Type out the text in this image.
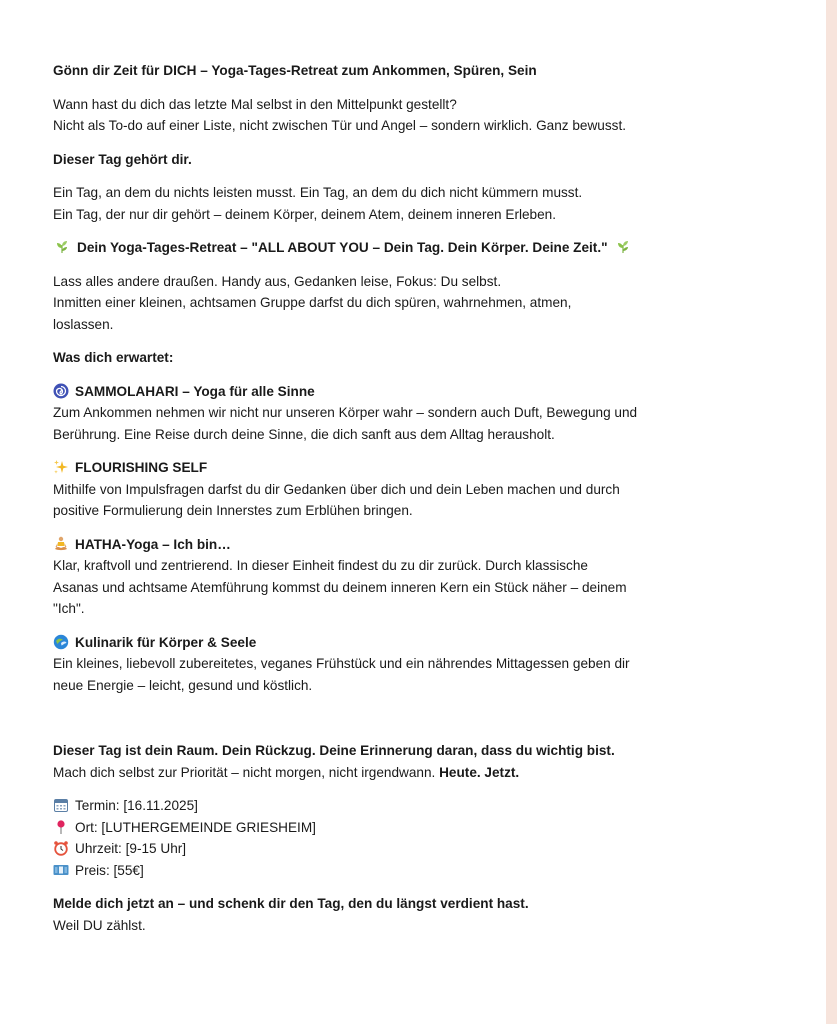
Gönn dir Zeit für DICH – Yoga-Tages-Retreat zum Ankommen, Spüren, Sein

Wann hast du dich das letzte Mal selbst in den Mittelpunkt gestellt?
Nicht als To-do auf einer Liste, nicht zwischen Tür und Angel – sondern wirklich. Ganz bewusst.

Dieser Tag gehört dir.

Ein Tag, an dem du nichts leisten musst. Ein Tag, an dem du dich nicht kümmern musst.
Ein Tag, der nur dir gehört – deinem Körper, deinem Atem, deinem inneren Erleben.

Dein Yoga-Tages-Retreat – "ALL ABOUT YOU – Dein Tag. Dein Körper. Deine Zeit."

Lass alles andere draußen. Handy aus, Gedanken leise, Fokus: Du selbst.
Inmitten einer kleinen, achtsamen Gruppe darfst du dich spüren, wahrnehmen, atmen,
loslassen.

Was dich erwartet:

SAMMOLAHARI – Yoga für alle Sinne
Zum Ankommen nehmen wir nicht nur unseren Körper wahr – sondern auch Duft, Bewegung und
Berührung. Eine Reise durch deine Sinne, die dich sanft aus dem Alltag herausholt.
FLOURISHING SELF
Mithilfe von Impulsfragen darfst du dir Gedanken über dich und dein Leben machen und durch
positive Formulierung dein Innerstes zum Erblühen bringen.
HATHA-Yoga – Ich bin…
Klar, kraftvoll und zentrierend. In dieser Einheit findest du zu dir zurück. Durch klassische
Asanas und achtsame Atemführung kommst du deinem inneren Kern ein Stück näher – deinem
"Ich".
Kulinarik für Körper & Seele
Ein kleines, liebevoll zubereitetes, veganes Frühstück und ein nährendes Mittagessen geben dir
neue Energie – leicht, gesund und köstlich.
Dieser Tag ist dein Raum. Dein Rückzug. Deine Erinnerung daran, dass du wichtig bist.
Mach dich selbst zur Priorität – nicht morgen, nicht irgendwann. Heute. Jetzt.
Termin: [16.11.2025]
Ort: [LUTHERGEMEINDE GRIESHEIM]
Uhrzeit: [9-15 Uhr]
Preis: [55€]
Melde dich jetzt an – und schenk dir den Tag, den du längst verdient hast.
Weil DU zählst.
